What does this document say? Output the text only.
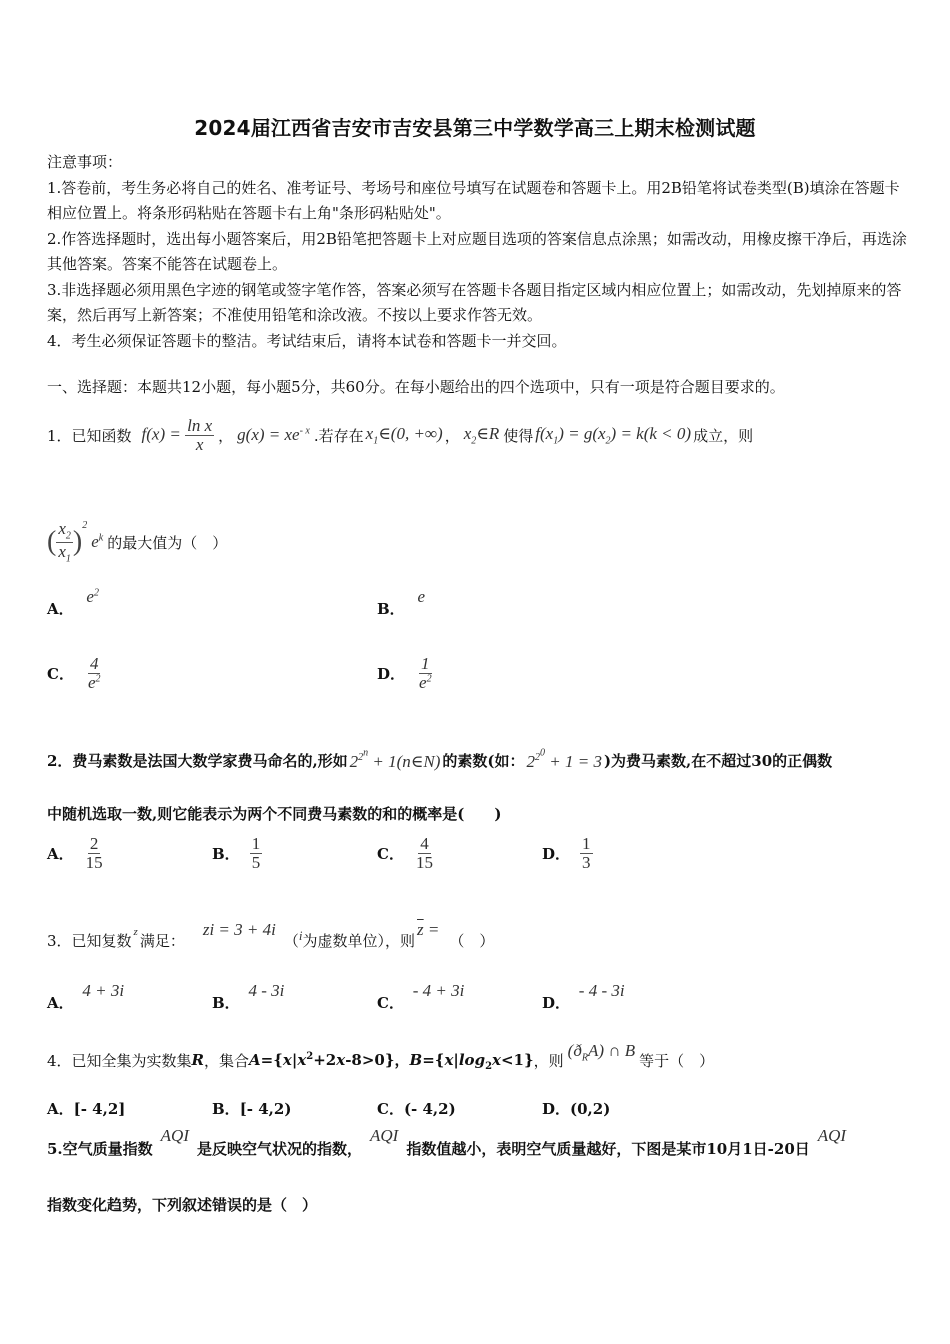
2024届江西省吉安市吉安县第三中学数学高三上期末检测试题
注意事项：
1.答卷前，考生务必将自己的姓名、准考证号、考场号和座位号填写在试题卷和答题卡上。用2B铅笔将试卷类型(B)填涂在答题卡相应位置上。将条形码粘贴在答题卡右上角"条形码粘贴处"。
2.作答选择题时，选出每小题答案后，用2B铅笔把答题卡上对应题目选项的答案信息点涂黑；如需改动，用橡皮擦干净后，再选涂其他答案。答案不能答在试题卷上。
3.非选择题必须用黑色字迹的钢笔或签字笔作答，答案必须写在答题卡各题目指定区域内相应位置上；如需改动，先划掉原来的答案，然后再写上新答案；不准使用铅笔和涂改液。不按以上要求作答无效。
4．考生必须保证答题卡的整洁。考试结束后，请将本试卷和答题卡一并交回。
一、选择题：本题共12小题，每小题5分，共60分。在每小题给出的四个选项中，只有一项是符合题目要求的。
1．已知函数 $f(x) = \frac{\text{ln x}}{x}$ ， $g(x) = xe^{- x}$ .若存在 $x_1\in(0$, +∞) ， $x_2\in R$ 使得 $f(x_1) = g(x_2) = k(k < 0)$ 成立，则
( $\frac{x_2}{x_1}$ )
$^2$
$e^k$ 的最大值为（　）
A． $e^2$
B． e
C． $\frac{4}{e^2}$	D． $\frac{1}{e^2}$
2．费马素数是法国大数学家费马命名的,形如 $2^{2^n}$ + 1(n∈N) 的素数(如： $2^{2^0} + 1 = 3$ )为费马素数,在不超过30的正偶数
中随机选取一数,则它能表示为两个不同费马素数的和的概率是(　　)
A． $\frac{2}{15}$	B． $\frac{1}{5}$	C． $\frac{4}{15}$	D． $\frac{1}{3}$
3．已知复数 z 满足：
zi = 3 + 4i
（ i 为虚数单位），则
$\overline{z}$ =
（　）
A． 4 + 3i
B． 4 - 3i
C． - 4 + 3i
D． - 4 - 3i
4．已知全集为实数集 R ，集合 $A=\{x|x^2+2x-8>0\}$，$B=\{x|\log_2x<1\}$ ，则
$(ð_RA)$ ∩ B
等于（　）
A．[- 4,2]	B．[- 4,2)	C．(- 4,2)	D．(0,2)
5.空气质量指数
AQI
是反映空气状况的指数，
AQI
指数值越小，表明空气质量越好，下图是某市10月1日-20日
AQI
指数变化趋势，下列叙述错误的是（　）
